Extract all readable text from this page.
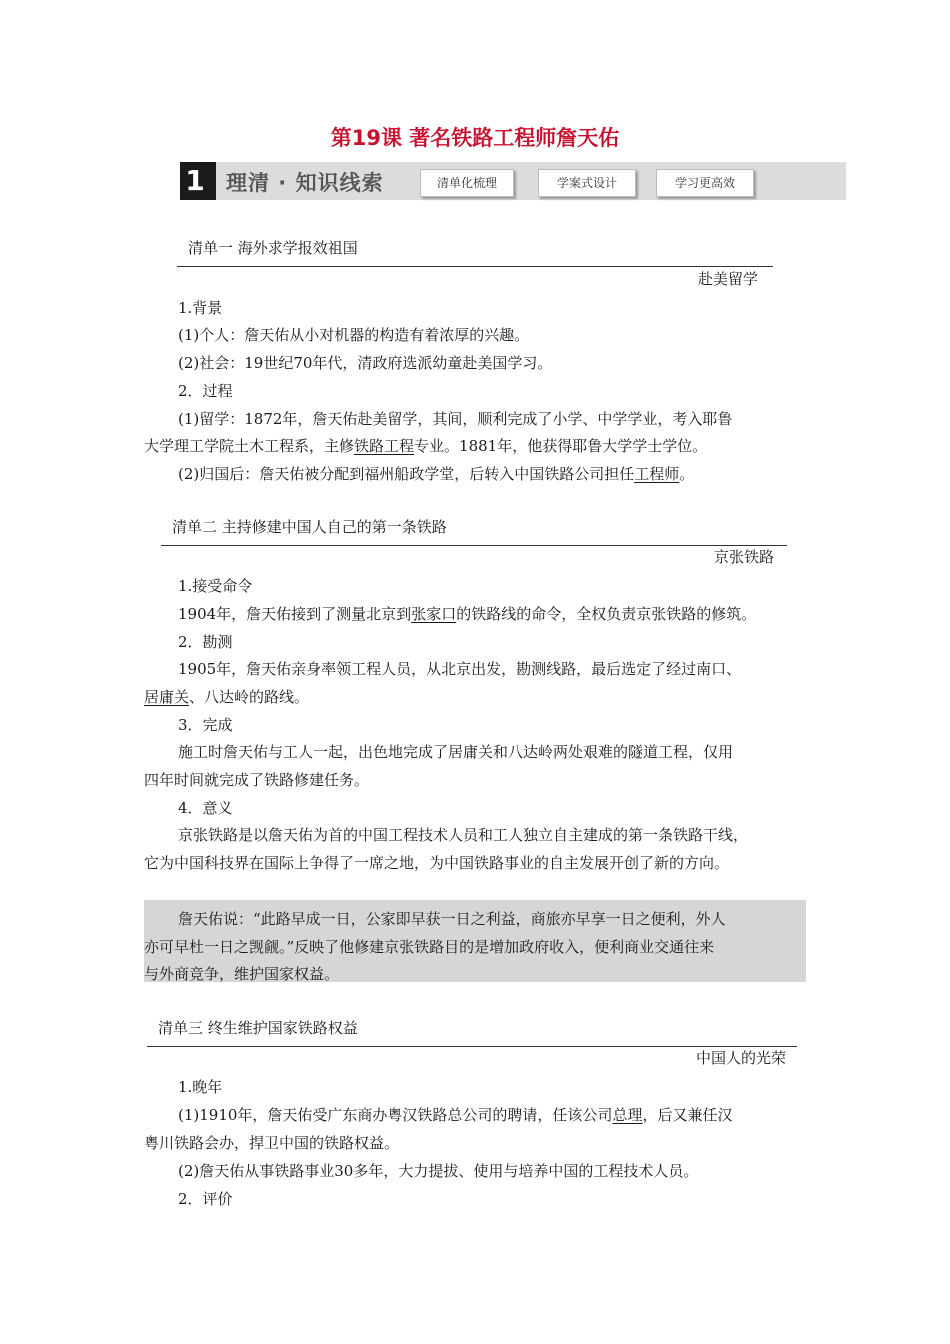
第19课 著名铁路工程师詹天佑
1 理清 · 知识线索	清单化梳理	学案式设计	学习更高效
清单一 海外求学报效祖国
赴美留学
1.背景
(1)个人：詹天佑从小对机器的构造有着浓厚的兴趣。
(2)社会：19世纪70年代，清政府选派幼童赴美国学习。
2．过程
(1)留学：1872年，詹天佑赴美留学，其间，顺利完成了小学、中学学业，考入耶鲁
大学理工学院土木工程系，主修铁路工程专业。1881年，他获得耶鲁大学学士学位。
(2)归国后：詹天佑被分配到福州船政学堂，后转入中国铁路公司担任工程师。
清单二 主持修建中国人自己的第一条铁路
京张铁路
1.接受命令
1904年，詹天佑接到了测量北京到张家口的铁路线的命令，全权负责京张铁路的修筑。
2．勘测
1905年，詹天佑亲身率领工程人员，从北京出发，勘测线路，最后选定了经过南口、
居庸关、八达岭的路线。
3．完成
施工时詹天佑与工人一起，出色地完成了居庸关和八达岭两处艰难的隧道工程，仅用
四年时间就完成了铁路修建任务。
4．意义
京张铁路是以詹天佑为首的中国工程技术人员和工人独立自主建成的第一条铁路干线，
它为中国科技界在国际上争得了一席之地，为中国铁路事业的自主发展开创了新的方向。
詹天佑说：“此路早成一日，公家即早获一日之利益，商旅亦早享一日之便利，外人
亦可早杜一日之觊觎。”反映了他修建京张铁路目的是增加政府收入，便利商业交通往来
与外商竞争，维护国家权益。
清单三 终生维护国家铁路权益
中国人的光荣
1.晚年
(1)1910年，詹天佑受广东商办粤汉铁路总公司的聘请，任该公司总理，后又兼任汉
粤川铁路会办，捍卫中国的铁路权益。
(2)詹天佑从事铁路事业30多年，大力提拔、使用与培养中国的工程技术人员。
2．评价
